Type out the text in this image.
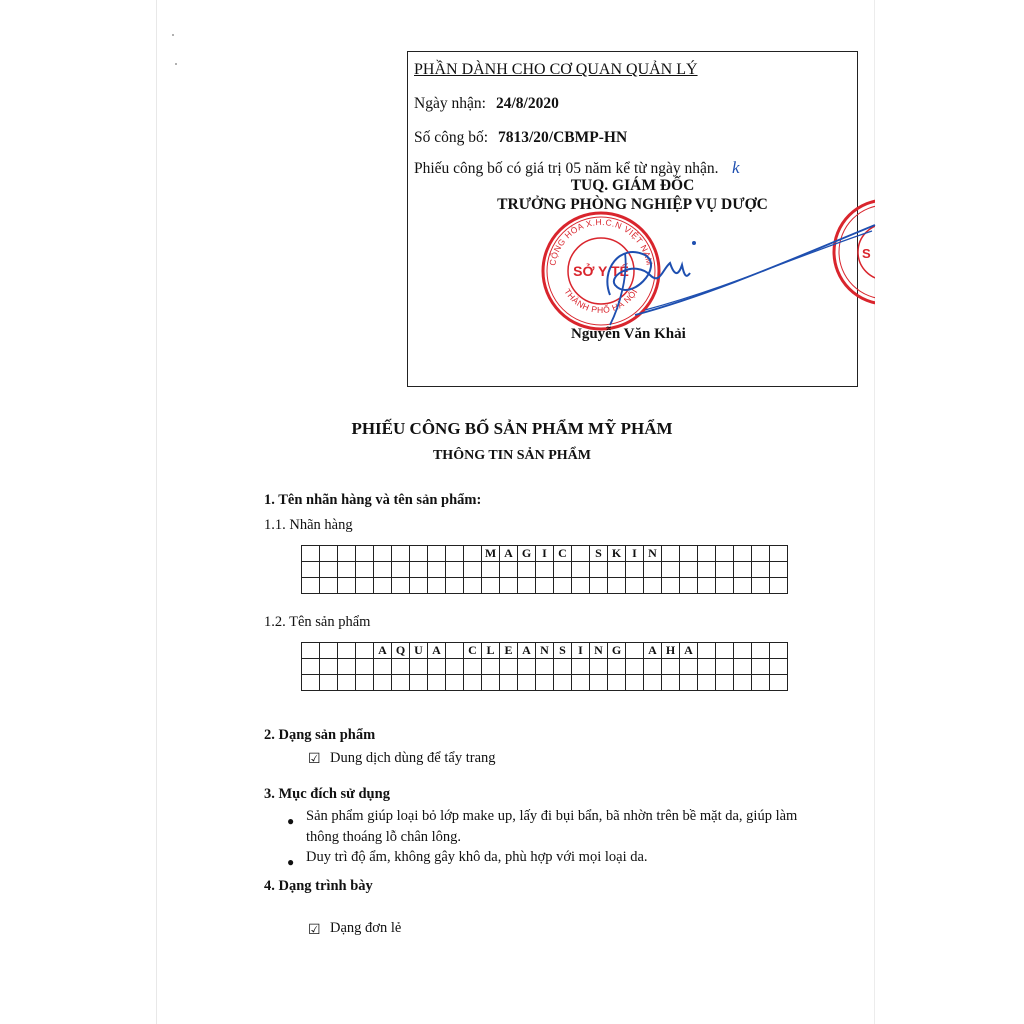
PHẦN DÀNH CHO CƠ QUAN QUẢN LÝ
Ngày nhận: 24/8/2020
Số công bố: 7813/20/CBMP-HN
Phiếu công bố có giá trị 05 năm kể từ ngày nhận. k
TUQ. GIÁM ĐỐC
TRƯỞNG PHÒNG NGHIỆP VỤ DƯỢC
CỘNG HÒA X.H.C.N VIỆT NAM
THÀNH PHỐ HÀ NỘI
SỞ Y TẾ
S
Nguyễn Văn Khải
PHIẾU CÔNG BỐ SẢN PHẨM MỸ PHẨM
THÔNG TIN SẢN PHẨM
1. Tên nhãn hàng và tên sản phẩm:
1.1. Nhãn hàng
										M	A	G	I	C		S	K	I	N							

1.2. Tên sản phẩm
				A	Q	U	A		C	L	E	A	N	S	I	N	G		A	H	A					

2. Dạng sản phẩm
☑ Dung dịch dùng để tẩy trang
3. Mục đích sử dụng
● Sản phẩm giúp loại bỏ lớp make up, lấy đi bụi bẩn, bã nhờn trên bề mặt da, giúp làm
thông thoáng lỗ chân lông.
● Duy trì độ ẩm, không gây khô da, phù hợp với mọi loại da.
4. Dạng trình bày
☑ Dạng đơn lẻ
